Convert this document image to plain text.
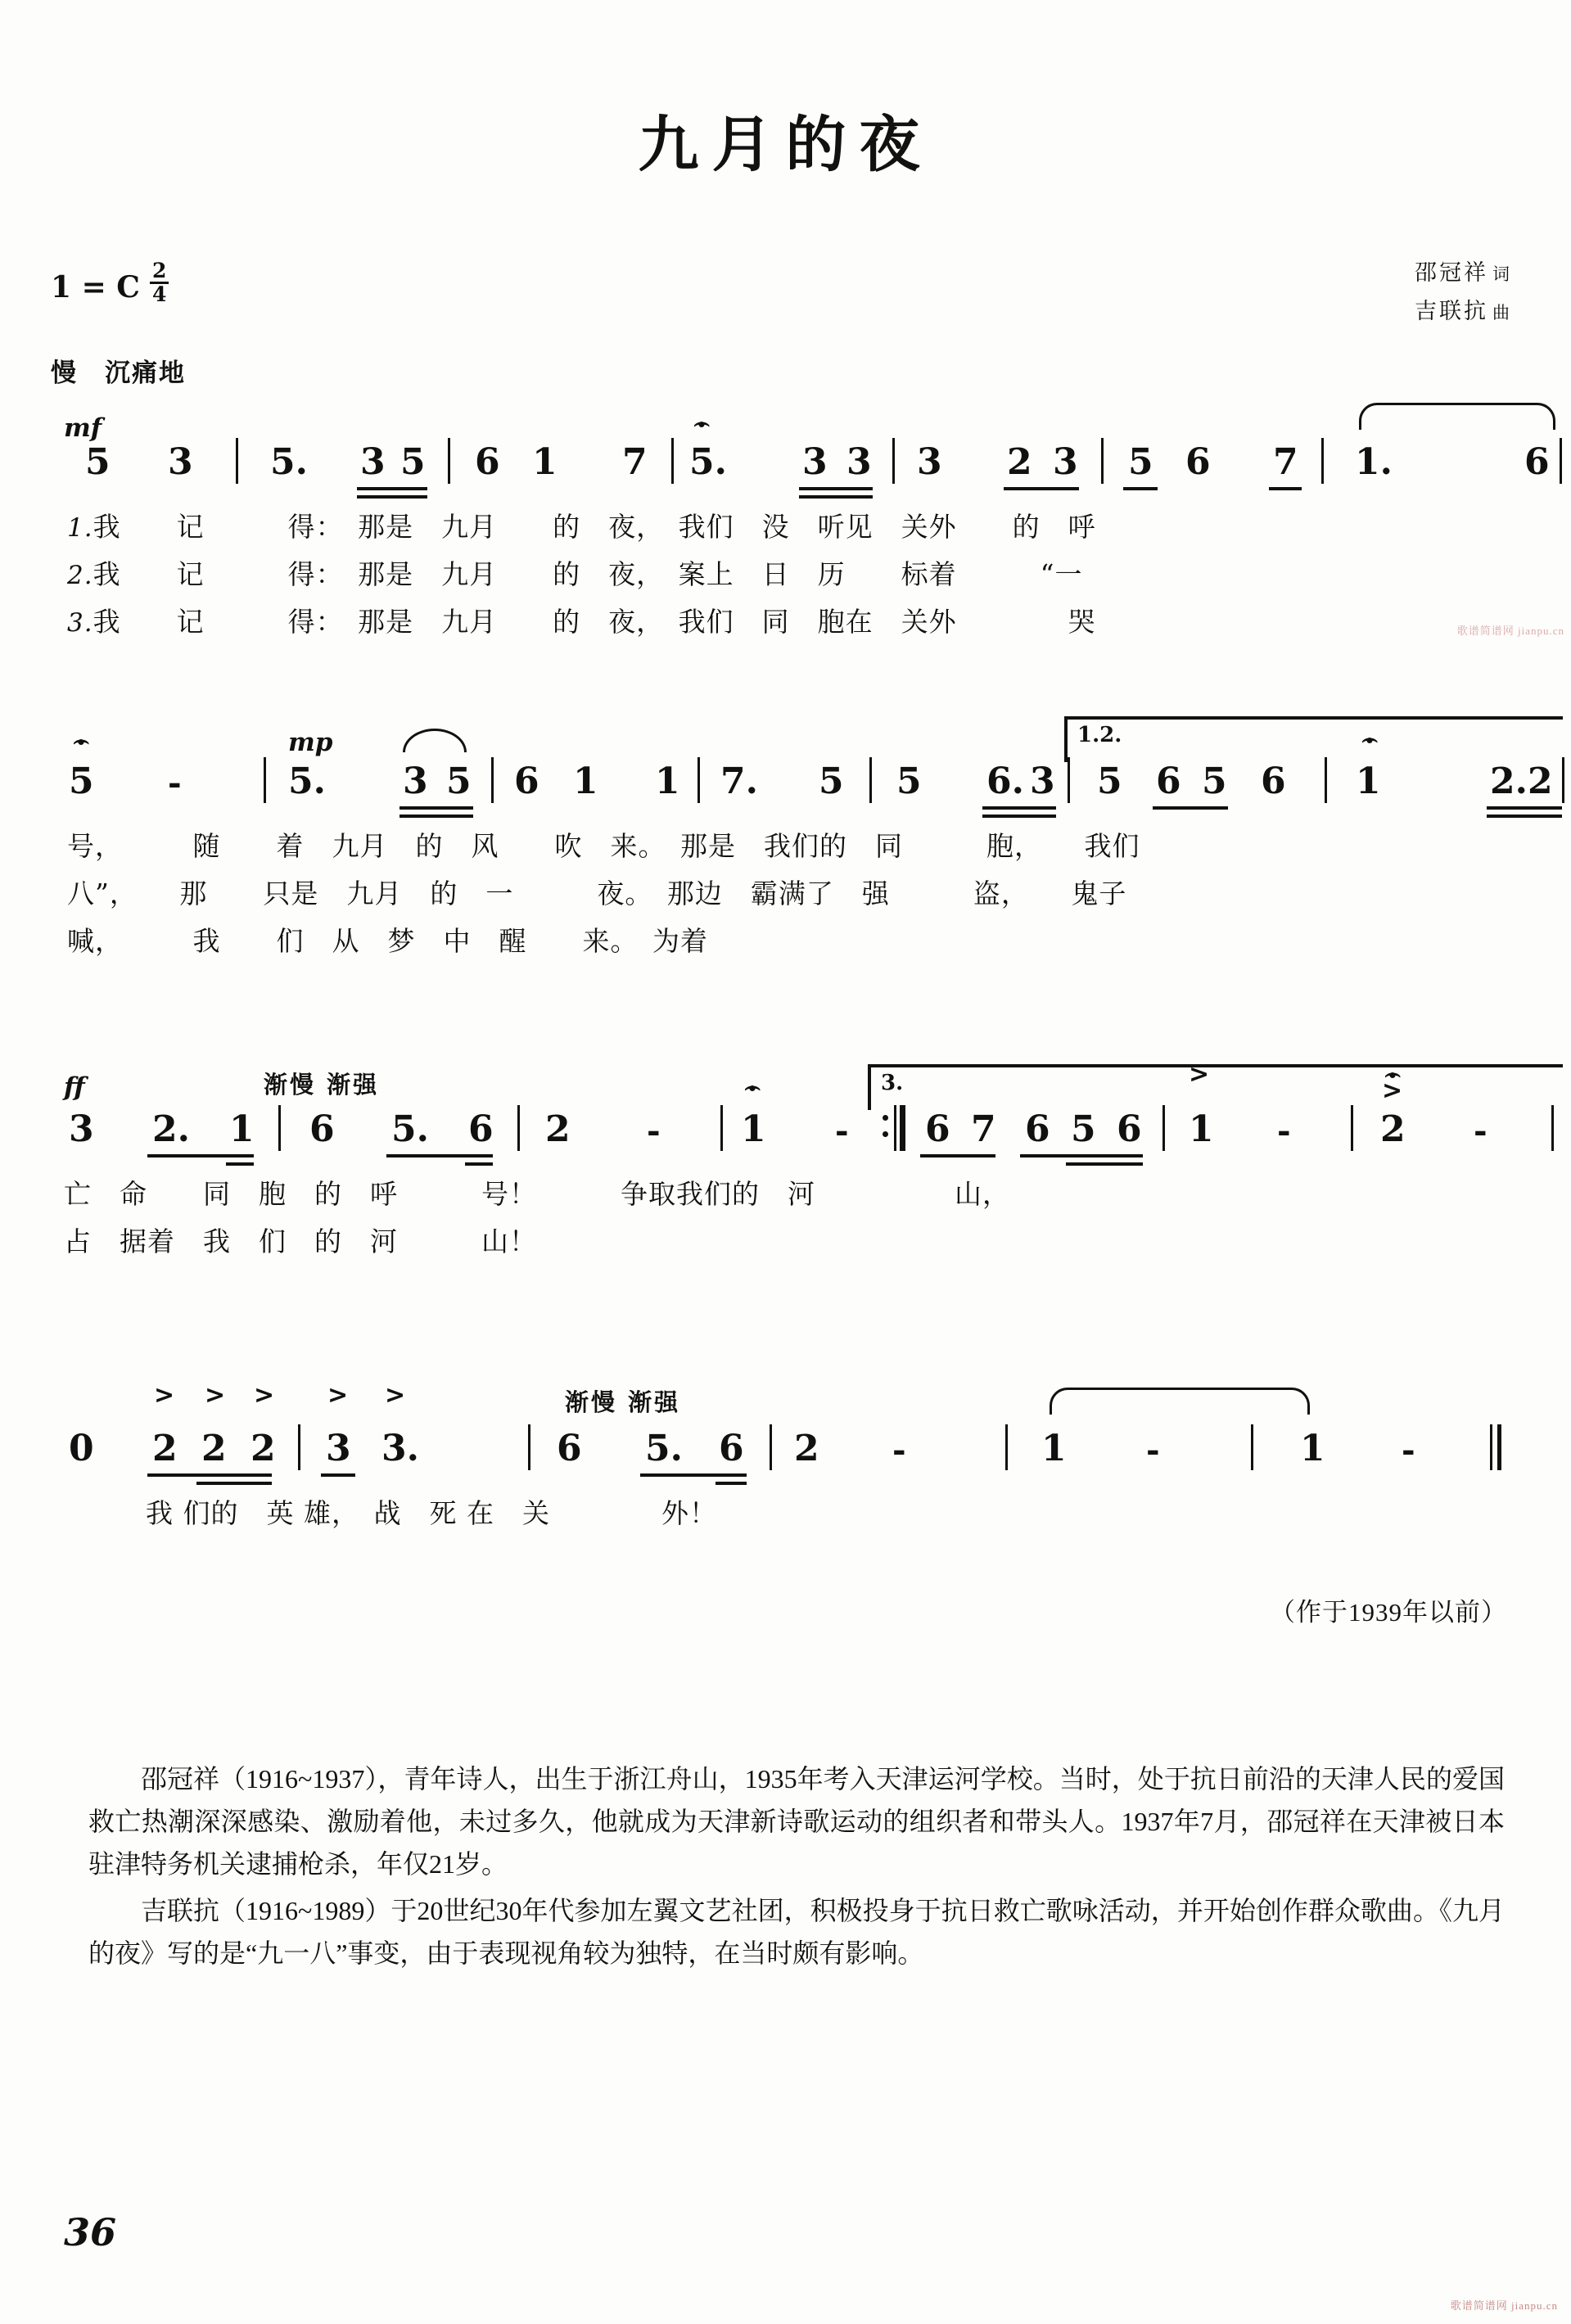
九月的夜
1 = C $\frac{2}{4}$
慢　沉痛地
邵冠祥 词
吉联抗 曲
mf
5 3 5. 3 5 6 1 7
⌢ 5. 3 3 3 2 3 5 6 7 1.	6
1.我　　记　　　得：　那是　九月　　的　夜，　我们　没　听见　关外　　的　呼
2.我　　记　　　得：　那是　九月　　的　夜，　案上　日　历　　标着　　　“一
3.我　　记　　　得：　那是　九月　　的　夜，　我们　同　胞在　关外　　　　哭
⌢
5 -
mp
5. 3 5 6 1 1 7. 5 5 6. 3
1.2.
5 6 5 6
⌢ 1	2. 2
号，　　　随　　着　九月　的　风　　吹　来。　那是　我们的　同　　　胞，　　我们
八”，　　那　　只是　九月　的　一　　　夜。　那边　霸满了　强　　　盗，　　鬼子
喊，　　　我　　们　从　梦　中　醒　　来。　为着
ff	渐慢 渐强
3 2. 1 6 5. 6 2 -
⌢ 1 -
3.
6 7 6 5 6
>
1 -
⌢
>
2 -
亡　命　　同　胞　的　呼　　　号！　　　争取我们的　河　　　　　山，
占　据着　我　们　的　河　　　山！
渐慢 渐强
0
> > >
2 2 2
> >
3 3.	6 5. 6 2 -	1 -	1 -
我 们的　英 雄，　战　死 在　关　　　　外！
（作于1939年以前）

邵冠祥（1916~1937），青年诗人，出生于浙江舟山，1935年考入天津运河学校。当时，处于抗日前沿的天津人民的爱国救亡热潮深深感染、激励着他，未过多久，他就成为天津新诗歌运动的组织者和带头人。1937年7月，邵冠祥在天津被日本驻津特务机关逮捕枪杀，年仅21岁。

吉联抗（1916~1989）于20世纪30年代参加左翼文艺社团，积极投身于抗日救亡歌咏活动，并开始创作群众歌曲。《九月的夜》写的是“九一八”事变，由于表现视角较为独特，在当时颇有影响。

36
歌谱简谱网 jianpu.cn
歌谱简谱网 jianpu.cn
